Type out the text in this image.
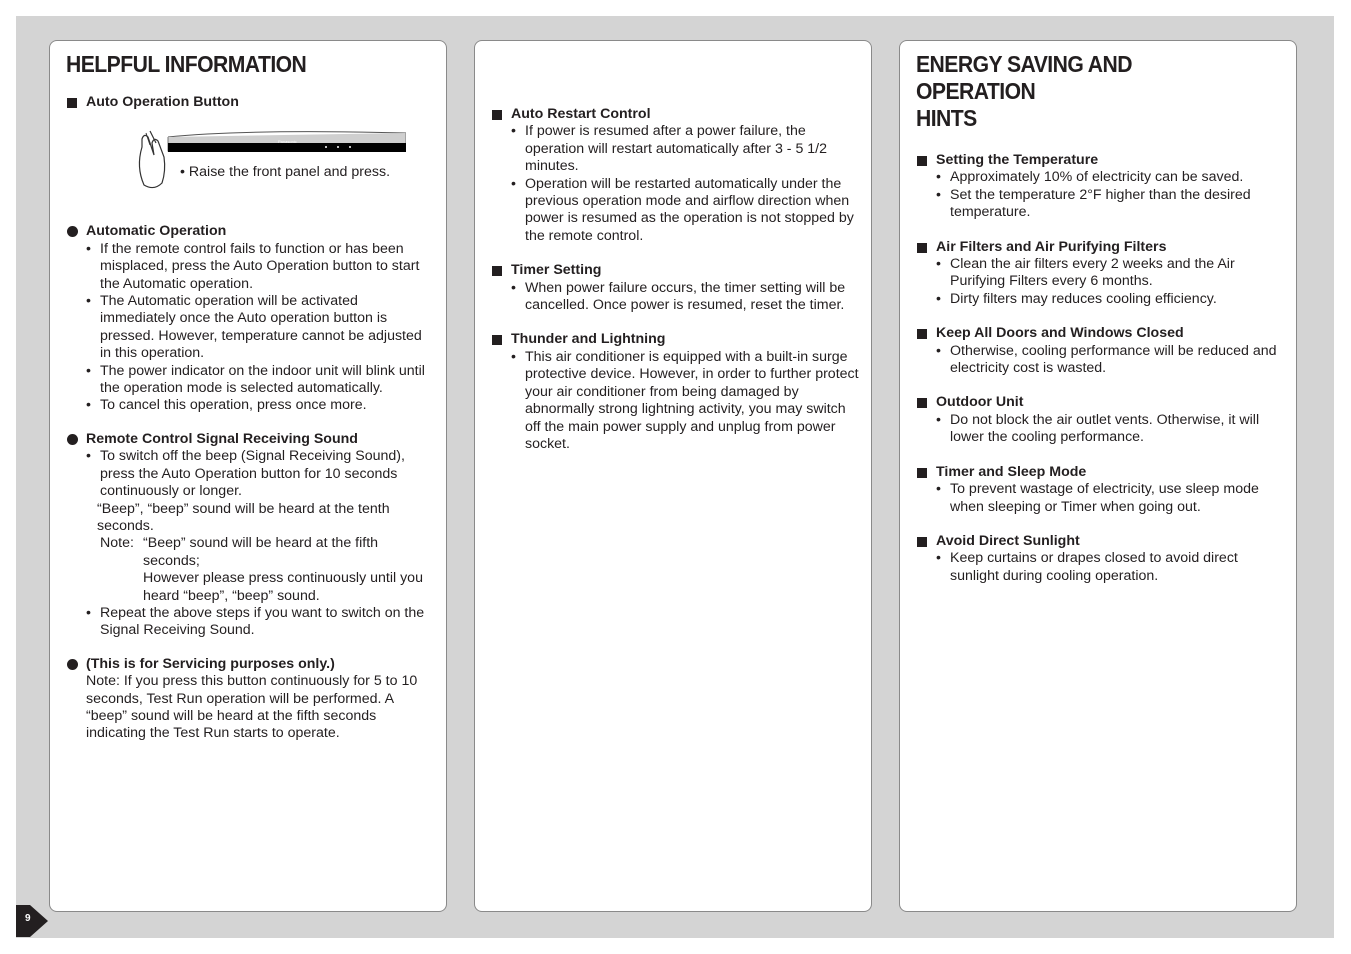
HELPFUL INFORMATION
Auto Operation Button
Panasonic
• Raise the front panel and press.
Automatic Operation
• If the remote control fails to function or has been misplaced, press the Auto Operation button to start the Automatic operation.
• The Automatic operation will be activated immediately once the Auto operation button is pressed. However, temperature cannot be adjusted in this operation.
• The power indicator on the indoor unit will blink until the operation mode is selected automatically.
• To cancel this operation, press once more.
Remote Control Signal Receiving Sound
• To switch off the beep (Signal Receiving Sound), press the Auto Operation button for 10 seconds continuously or longer.
“Beep”, “beep” sound will be heard at the tenth seconds.
Note: “Beep” sound will be heard at the fifth seconds;
However please press continuously until you heard “beep”, “beep” sound.
• Repeat the above steps if you want to switch on the Signal Receiving Sound.
(This is for Servicing purposes only.)
Note: If you press this button continuously for 5 to 10 seconds, Test Run operation will be performed. A “beep” sound will be heard at the fifth seconds indicating the Test Run starts to operate.
Auto Restart Control
• If power is resumed after a power failure, the operation will restart automatically after 3 - 5 1/2 minutes.
• Operation will be restarted automatically under the previous operation mode and airflow direction when power is resumed as the operation is not stopped by the remote control.
Timer Setting
• When power failure occurs, the timer setting will be cancelled. Once power is resumed, reset the timer.
Thunder and Lightning
• This air conditioner is equipped with a built-in surge protective device. However, in order to further protect your air conditioner from being damaged by abnormally strong lightning activity, you may switch off the main power supply and unplug from power socket.
ENERGY SAVING AND OPERATION
HINTS
Setting the Temperature
• Approximately 10% of electricity can be saved.
• Set the temperature 2°F higher than the desired temperature.
Air Filters and Air Purifying Filters
• Clean the air filters every 2 weeks and the Air Purifying Filters every 6 months.
• Dirty filters may reduces cooling efficiency.
Keep All Doors and Windows Closed
• Otherwise, cooling performance will be reduced and electricity cost is wasted.
Outdoor Unit
• Do not block the air outlet vents. Otherwise, it will lower the cooling performance.
Timer and Sleep Mode
• To prevent wastage of electricity, use sleep mode when sleeping or Timer when going out.
Avoid Direct Sunlight
• Keep curtains or drapes closed to avoid direct sunlight during cooling operation.
9
